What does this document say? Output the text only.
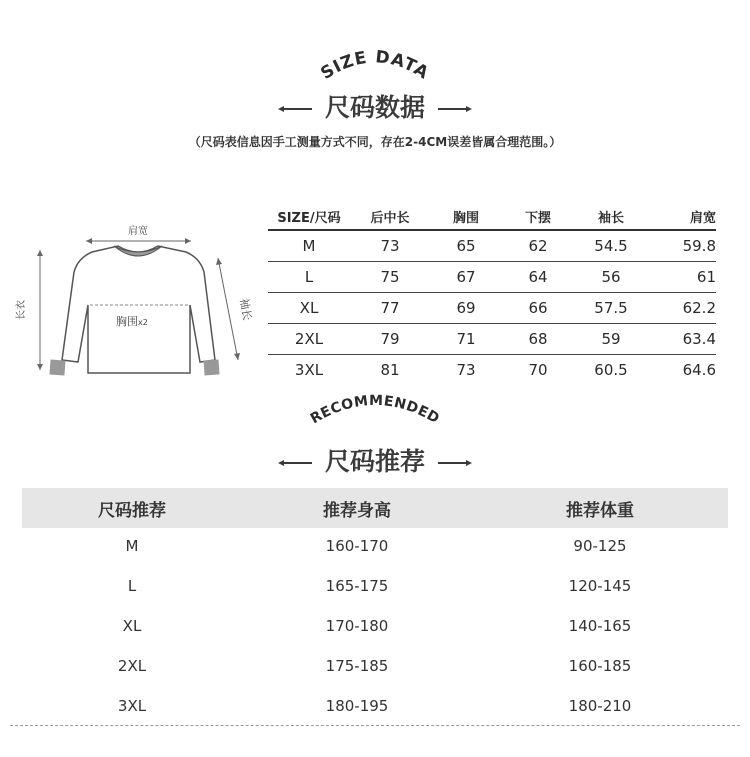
SIZE DATA
尺码数据
（尺码表信息因手工测量方式不同，存在2-4CM误差皆属合理范围。）
肩宽
长衣	袖长
胸围x2
SIZE/尺码	后中长	胸围	下摆	袖长	肩宽
M	73	65	62	54.5	59.8
L	75	67	64	56	61
XL	77	69	66	57.5	62.2
2XL	79	71	68	59	63.4
3XL	81	73	70	60.5	64.6
RECOMMENDED
尺码推荐
尺码推荐	推荐身高	推荐体重
M	160-170	90-125
L	165-175	120-145
XL	170-180	140-165
2XL	175-185	160-185
3XL	180-195	180-210
